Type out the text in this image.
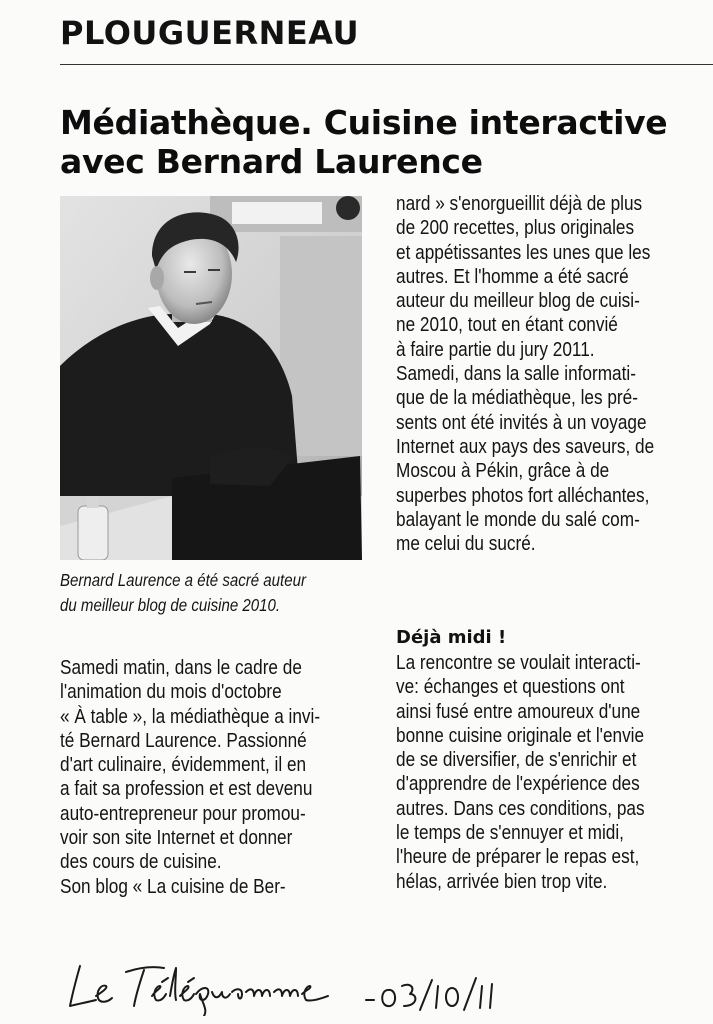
PLOUGUERNEAU
Médiathèque. Cuisine interactive
avec Bernard Laurence
Bernard Laurence a été sacré auteur
du meilleur blog de cuisine 2010.
Samedi matin, dans le cadre de
l'animation du mois d'octobre
« À table », la médiathèque a invi-
té Bernard Laurence. Passionné
d'art culinaire, évidemment, il en
a fait sa profession et est devenu
auto-entrepreneur pour promou-
voir son site Internet et donner
des cours de cuisine.
Son blog « La cuisine de Ber-
nard » s'enorgueillit déjà de plus
de 200 recettes, plus originales
et appétissantes les unes que les
autres. Et l'homme a été sacré
auteur du meilleur blog de cuisi-
ne 2010, tout en étant convié
à faire partie du jury 2011.
Samedi, dans la salle informati-
que de la médiathèque, les pré-
sents ont été invités à un voyage
Internet aux pays des saveurs, de
Moscou à Pékin, grâce à de
superbes photos fort alléchantes,
balayant le monde du salé com-
me celui du sucré.
Déjà midi !
La rencontre se voulait interacti-
ve: échanges et questions ont
ainsi fusé entre amoureux d'une
bonne cuisine originale et l'envie
de se diversifier, de s'enrichir et
d'apprendre de l'expérience des
autres. Dans ces conditions, pas
le temps de s'ennuyer et midi,
l'heure de préparer le repas est,
hélas, arrivée bien trop vite.
